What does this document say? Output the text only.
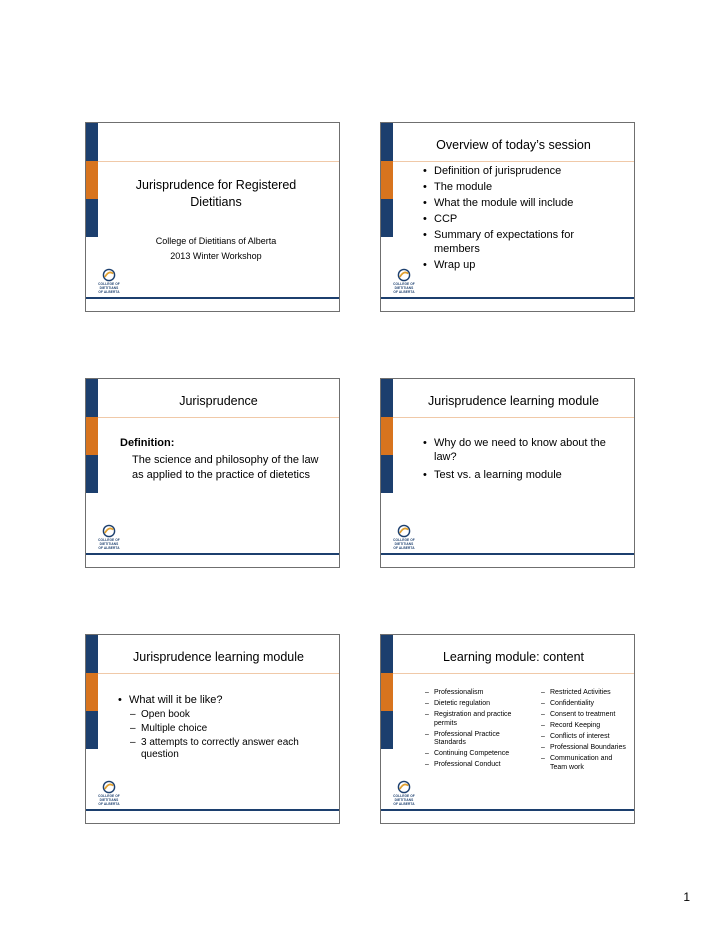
Jurisprudence for Registered Dietitians
College of Dietitians of Alberta
2013 Winter Workshop
COLLEGE OF DIETITIANS
OF ALBERTA
Overview of today’s session
• Definition of jurisprudence
• The module
• What the module will include
• CCP
• Summary of expectations for members
• Wrap up
COLLEGE OF DIETITIANS
OF ALBERTA
Jurisprudence
Definition:
The science and philosophy of the law as applied to the practice of dietetics
COLLEGE OF DIETITIANS
OF ALBERTA
Jurisprudence learning module
• Why do we need to know about the law?
• Test vs. a learning module
COLLEGE OF DIETITIANS
OF ALBERTA
Jurisprudence learning module
• What will it be like?
– Open book
– Multiple choice
– 3 attempts to correctly answer each question
COLLEGE OF DIETITIANS
OF ALBERTA
Learning module: content
– Professionalism
– Dietetic regulation
– Registration and practice permits
– Professional Practice Standards
– Continuing Competence
– Professional Conduct
– Restricted Activities
– Confidentiality
– Consent to treatment
– Record Keeping
– Conflicts of interest
– Professional Boundaries
– Communication and Team work
COLLEGE OF DIETITIANS
OF ALBERTA
1
